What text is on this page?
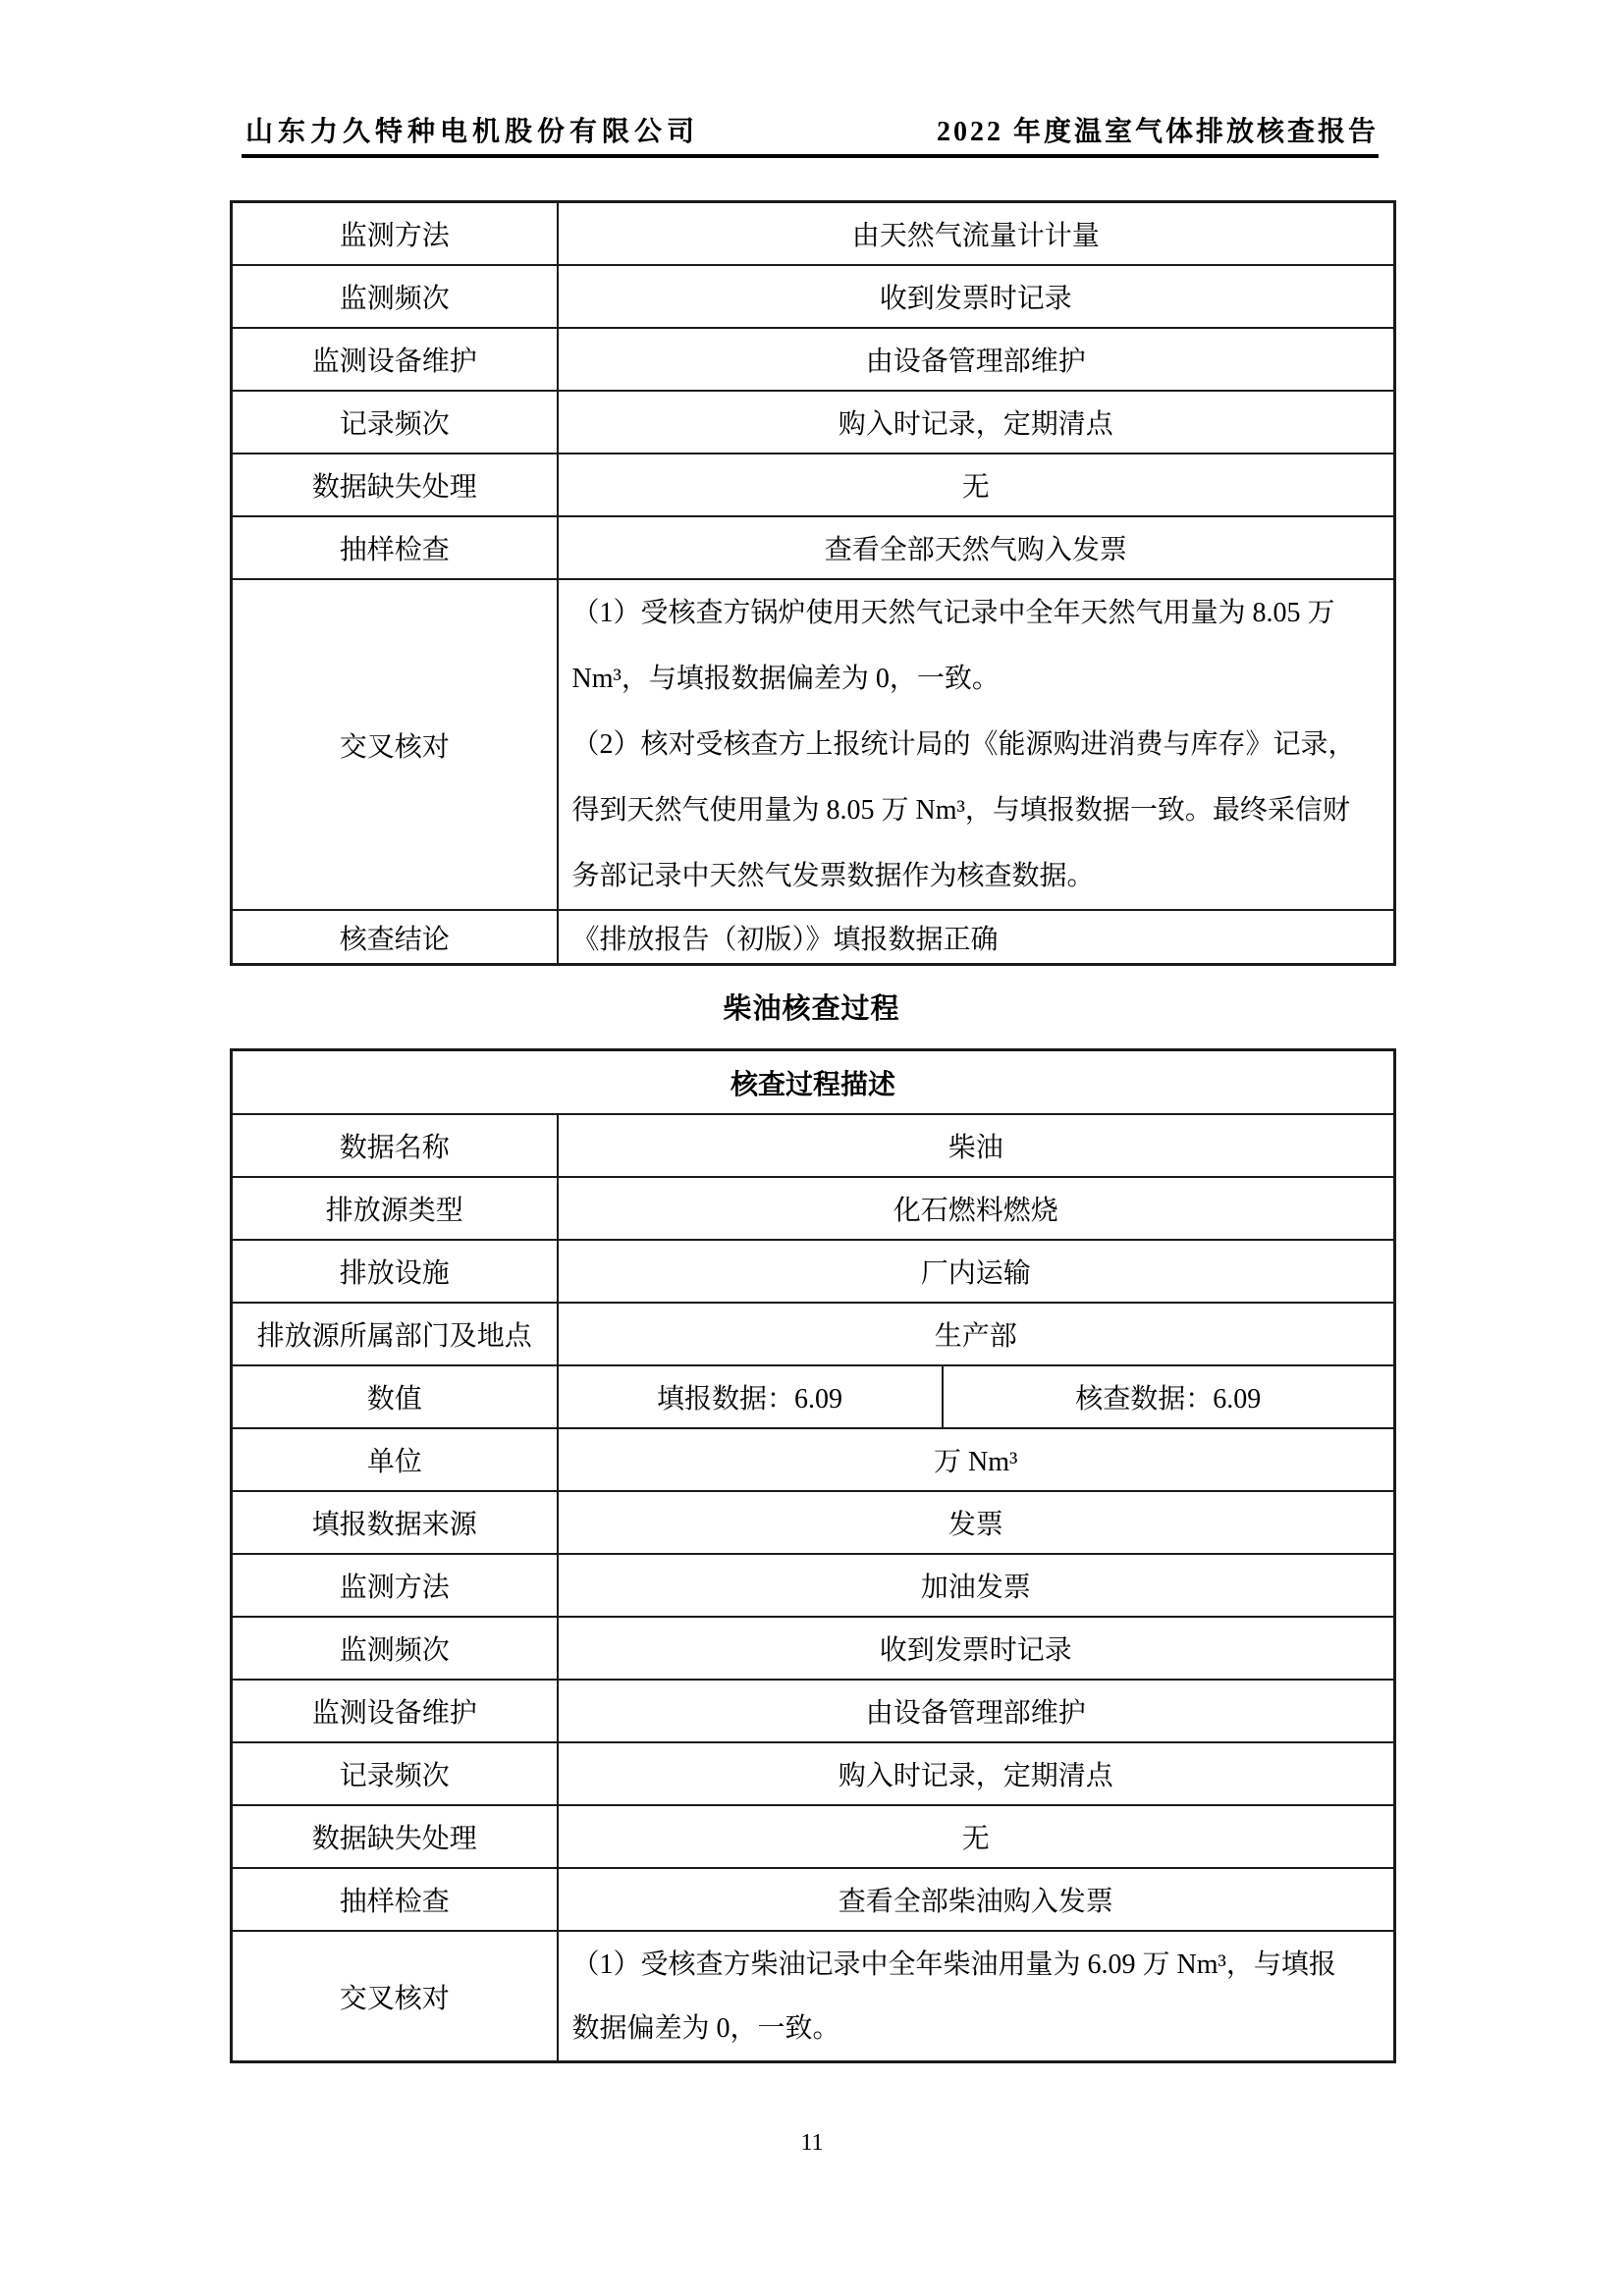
山东力久特种电机股份有限公司	2022 年度温室气体排放核查报告
监测方法	由天然气流量计计量
监测频次	收到发票时记录
监测设备维护	由设备管理部维护
记录频次	购入时记录，定期清点
数据缺失处理	无
抽样检查	查看全部天然气购入发票
交叉核对	（1）受核查方锅炉使用天然气记录中全年天然气用量为 8.05 万
Nm³，与填报数据偏差为 0，一致。
（2）核对受核查方上报统计局的《能源购进消费与库存》记录，
得到天然气使用量为 8.05 万 Nm³，与填报数据一致。最终采信财
务部记录中天然气发票数据作为核查数据。

核查结论	《排放报告（初版）》填报数据正确
柴油核查过程
核查过程描述		
数据名称	柴油	
排放源类型	化石燃料燃烧	
排放设施	厂内运输	
排放源所属部门及地点	生产部	
数值	填报数据：6.09	核查数据：6.09
单位	万 Nm³	
填报数据来源	发票	
监测方法	加油发票	
监测频次	收到发票时记录	
监测设备维护	由设备管理部维护	
记录频次	购入时记录，定期清点	
数据缺失处理	无	
抽样检查	查看全部柴油购入发票	
交叉核对	（1）受核查方柴油记录中全年柴油用量为 6.09 万 Nm³，与填报
数据偏差为 0，一致。	
11
